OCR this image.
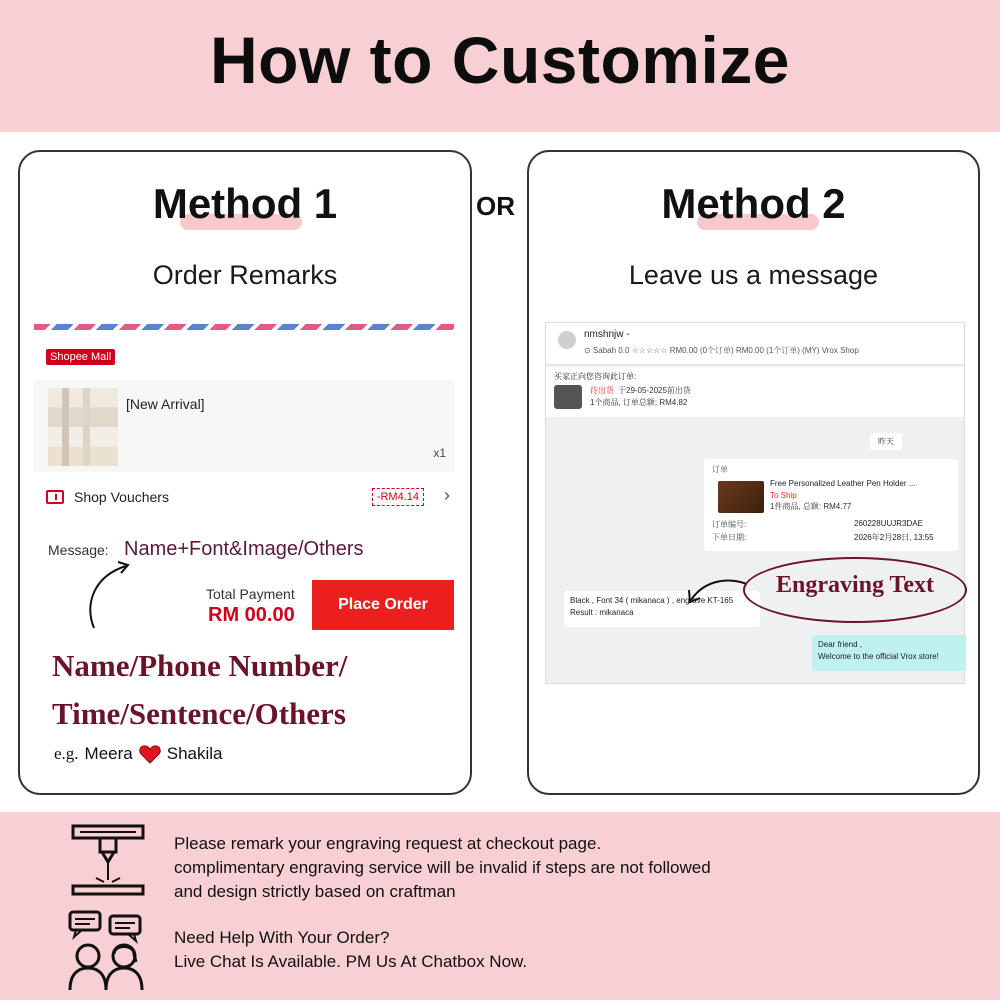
How to Customize
OR
Method 1
Order Remarks
Shopee Mall
[New Arrival]
x1
Shop Vouchers	-RM4.14 ›
Message: Name+Font&Image/Others
Total Payment
RM 00.00	Place Order
Name/Phone Number/
Time/Sentence/Others
e.g. Meera Shakila
Method 2
Leave us a message
nmshnjw -
⊙ Sabah 0.0 ☆☆☆☆☆ RM0.00 (0个订单) RM0.00 (1个订单) (MY) Vrox Shop
买家正向您咨询此订单:
待出货 于29-05-2025前出货
1个商品, 订单总额: RM4.82
昨天
订单
Free Personalized Leather Pen Holder ...
To Ship
1件商品, 总额: RM4.77
订单编号:	260228UUJR3DAE
下单日期:	2026年2月28日, 13:55
Black , Font 34 ( mikanaca ) , engrave KT-165
Result : mikanaca
Dear friend ,
Welcome to the official Vrox store!
Engraving Text
Please remark your engraving request at checkout page.
complimentary engraving service will be invalid if steps are not followed
and design strictly based on craftman
Need Help With Your Order?
Live Chat Is Available. PM Us At Chatbox Now.
